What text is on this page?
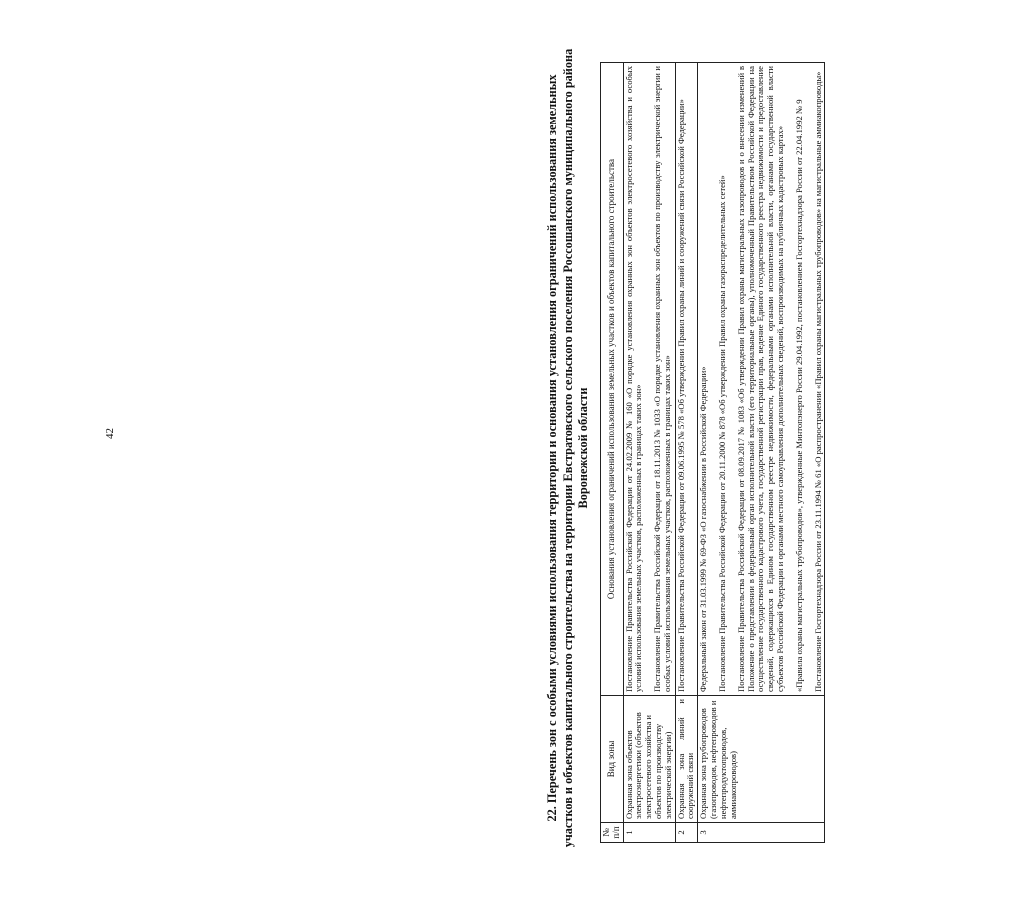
42	22. Перечень зон с особыми условиями использования территории и основания установления ограничений использования земельных участков и объектов капитального строительства на территории Евстратовского сельского поселения Россошанского муниципального района Воронежской области
№ п/п	Вид зоны	Основания установления ограничений использования земельных участков и объектов капитального строительства
1	Охранная зона объектов электроэнергетики (объектов электросетевого хозяйства и объектов по производству электрической энергии)	Постановление Правительства Российской Федерации от 24.02.2009 № 160 «О порядке установления охранных зон объектов электросетевого хозяйства и особых условий использования земельных участков, расположенных в границах таких зон» Постановление Правительства Российской Федерации от 18.11.2013 № 1033 «О порядке установления охранных зон объектов по производству электрической энергии и особых условий использования земельных участков, расположенных в границах таких зон»

2	Охранная зона линий и сооружений связи	Постановление Правительства Российской Федерации от 09.06.1995 № 578 «Об утверждении Правил охраны линий и сооружений связи Российской Федерации»

3	Охранная зона трубопроводов (газопроводов, нефтепроводов и нефтепродуктопроводов, аммиакопроводов)	Федеральный закон от 31.03.1999 № 69-ФЗ «О газоснабжении в Российской Федерации» Постановление Правительства Российской Федерации от 20.11.2000 № 878 «Об утверждении Правил охраны газораспределительных сетей» Постановление Правительства Российской Федерации от 08.09.2017 № 1083 «Об утверждении Правил охраны магистральных газопроводов и о внесении изменений в Положение о представлении в федеральный орган исполнительной власти (его территориальные органы), уполномоченный Правительством Российской Федерации на осуществление государственного кадастрового учета, государственной регистрации прав, ведение Единого государственного реестра недвижимости и предоставление сведений, содержащихся в Едином государственном реестре недвижимости, федеральными органами исполнительной власти, органами государственной власти субъектов Российской Федерации и органами местного самоуправления дополнительных сведений, воспроизводимых на публичных кадастровых картах» «Правила охраны магистральных трубопроводов», утвержденные Минтопэнерго России 29.04.1992, постановлением Госгортехнадзора России от 22.04.1992 № 9 Постановление Госгортехнадзора России от 23.11.1994 № 61 «О распространении «Правил охраны магистральных трубопроводов» на магистральные аммиакопроводы»
